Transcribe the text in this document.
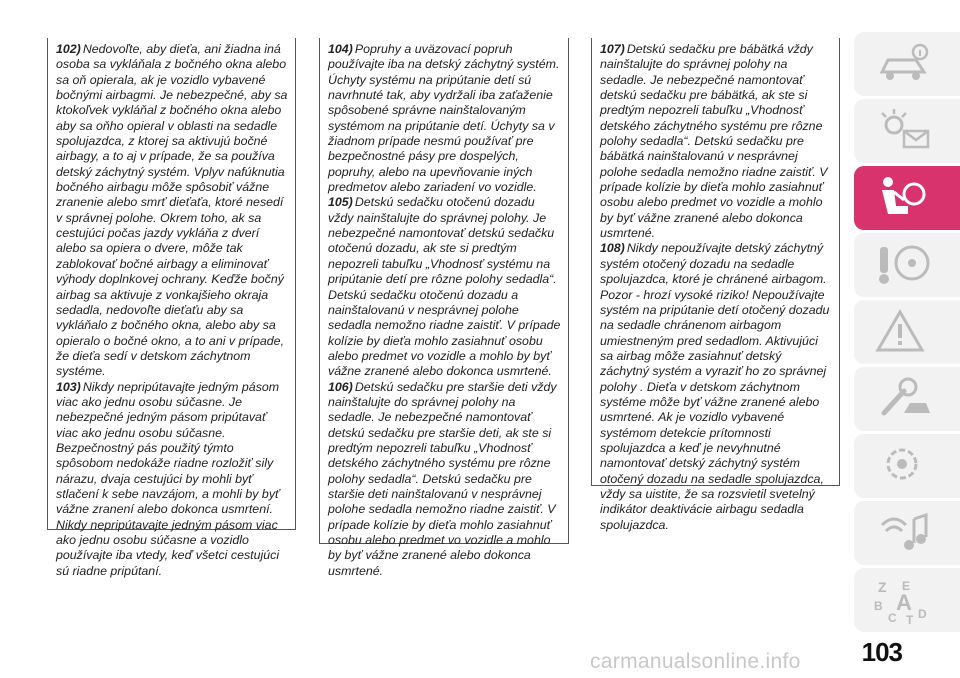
102) Nedovoľte, aby dieťa, ani žiadna iná osoba sa vykláňala z bočného okna alebo sa oň opierala, ak je vozidlo vybavené bočnými airbagmi. Je nebezpečné, aby sa ktokoľvek vykláňal z bočného okna alebo aby sa oňho opieral v oblasti na sedadle spolujazdca, z ktorej sa aktivujú bočné airbagy, a to aj v prípade, že sa používa detský záchytný systém. Vplyv nafúknutia bočného airbagu môže spôsobiť vážne zranenie alebo smrť dieťaťa, ktoré nesedí v správnej polohe. Okrem toho, ak sa cestujúci počas jazdy vykláňa z dverí alebo sa opiera o dvere, môže tak zablokovať bočné airbagy a eliminovať výhody doplnkovej ochrany. Keďže bočný airbag sa aktivuje z vonkajšieho okraja sedadla, nedovoľte dieťaťu aby sa vykláňalo z bočného okna, alebo aby sa opieralo o bočné okno, a to ani v prípade, že dieťa sedí v detskom záchytnom systéme.

103) Nikdy nepripútavajte jedným pásom viac ako jednu osobu súčasne. Je nebezpečné jedným pásom pripútavať viac ako jednu osobu súčasne. Bezpečnostný pás použitý týmto spôsobom nedokáže riadne rozložiť sily nárazu, dvaja cestujúci by mohli byť stlačení k sebe navzájom, a mohli by byť vážne zranení alebo dokonca usmrtení. Nikdy nepripútavajte jedným pásom viac ako jednu osobu súčasne a vozidlo používajte iba vtedy, keď všetci cestujúci sú riadne pripútaní.

104) Popruhy a uväzovací popruh používajte iba na detský záchytný systém. Úchyty systému na pripútanie detí sú navrhnuté tak, aby vydržali iba zaťaženie spôsobené správne nainštalovaným systémom na pripútanie detí. Úchyty sa v žiadnom prípade nesmú používať pre bezpečnostné pásy pre dospelých, popruhy, alebo na upevňovanie iných predmetov alebo zariadení vo vozidle.

105) Detskú sedačku otočenú dozadu vždy nainštalujte do správnej polohy. Je nebezpečné namontovať detskú sedačku otočenú dozadu, ak ste si predtým nepozreli tabuľku „Vhodnosť systému na pripútanie detí pre rôzne polohy sedadla“. Detskú sedačku otočenú dozadu a nainštalovanú v nesprávnej polohe sedadla nemožno riadne zaistiť. V prípade kolízie by dieťa mohlo zasiahnuť osobu alebo predmet vo vozidle a mohlo by byť vážne zranené alebo dokonca usmrtené.

106) Detskú sedačku pre staršie deti vždy nainštalujte do správnej polohy na sedadle. Je nebezpečné namontovať detskú sedačku pre staršie deti, ak ste si predtým nepozreli tabuľku „Vhodnosť detského záchytného systému pre rôzne polohy sedadla“. Detskú sedačku pre staršie deti nainštalovanú v nesprávnej polohe sedadla nemožno riadne zaistiť. V prípade kolízie by dieťa mohlo zasiahnuť osobu alebo predmet vo vozidle a mohlo by byť vážne zranené alebo dokonca usmrtené.

107) Detskú sedačku pre bábätká vždy nainštalujte do správnej polohy na sedadle. Je nebezpečné namontovať detskú sedačku pre bábätká, ak ste si predtým nepozreli tabuľku „Vhodnosť detského záchytného systému pre rôzne polohy sedadla“. Detskú sedačku pre bábätká nainštalovanú v nesprávnej polohe sedadla nemožno riadne zaistiť. V prípade kolízie by dieťa mohlo zasiahnuť osobu alebo predmet vo vozidle a mohlo by byť vážne zranené alebo dokonca usmrtené.

108) Nikdy nepoužívajte detský záchytný systém otočený dozadu na sedadle spolujazdca, ktoré je chránené airbagom. Pozor - hrozí vysoké riziko! Nepoužívajte systém na pripútanie detí otočený dozadu na sedadle chránenom airbagom umiestneným pred sedadlom. Aktivujúci sa airbag môže zasiahnuť detský záchytný systém a vyraziť ho zo správnej polohy . Dieťa v detskom záchytnom systéme môže byť vážne zranené alebo usmrtené. Ak je vozidlo vybavené systémom detekcie prítomnosti spolujazdca a keď je nevyhnutné namontovať detský záchytný systém otočený dozadu na sedadle spolujazdca, vždy sa uistite, že sa rozsvietil svetelný indikátor deaktivácie airbagu sedadla spolujazdca.

Z E
B A
C T D
103
carmanualsonline.info
